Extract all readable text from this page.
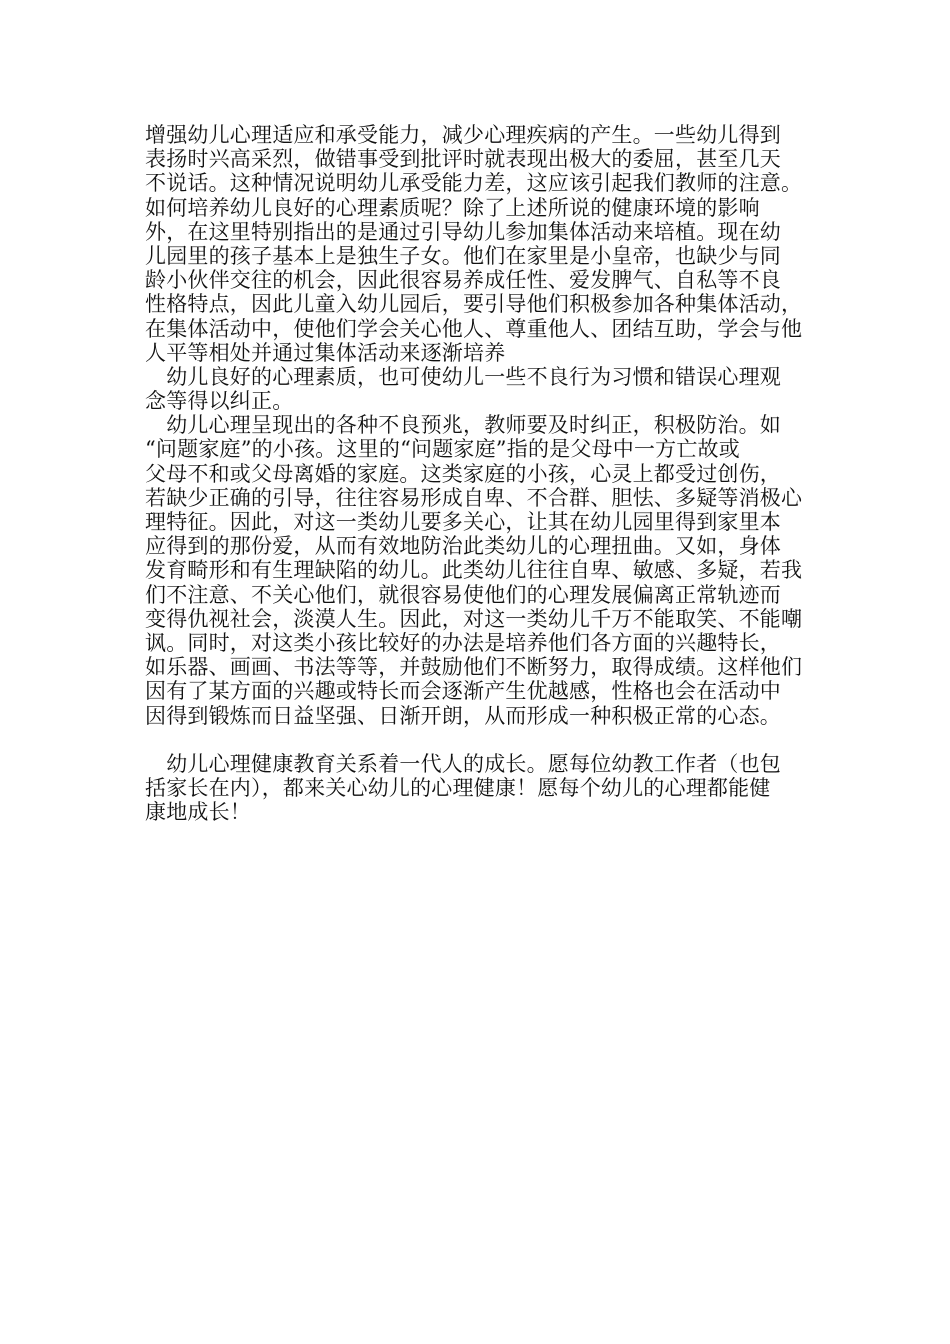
增强幼儿心理适应和承受能力，减少心理疾病的产生。一些幼儿得到
表扬时兴高采烈，做错事受到批评时就表现出极大的委屈，甚至几天
不说话。这种情况说明幼儿承受能力差，这应该引起我们教师的注意。
如何培养幼儿良好的心理素质呢？除了上述所说的健康环境的影响
外，在这里特别指出的是通过引导幼儿参加集体活动来培植。现在幼
儿园里的孩子基本上是独生子女。他们在家里是小皇帝，也缺少与同
龄小伙伴交往的机会，因此很容易养成任性、爱发脾气、自私等不良
性格特点，因此儿童入幼儿园后，要引导他们积极参加各种集体活动，
在集体活动中，使他们学会关心他人、尊重他人、团结互助，学会与他
人平等相处并通过集体活动来逐渐培养
　幼儿良好的心理素质，也可使幼儿一些不良行为习惯和错误心理观
念等得以纠正。
　幼儿心理呈现出的各种不良预兆，教师要及时纠正，积极防治。如
“问题家庭”的小孩。这里的“问题家庭”指的是父母中一方亡故或
父母不和或父母离婚的家庭。这类家庭的小孩，心灵上都受过创伤，
若缺少正确的引导，往往容易形成自卑、不合群、胆怯、多疑等消极心
理特征。因此，对这一类幼儿要多关心，让其在幼儿园里得到家里本
应得到的那份爱，从而有效地防治此类幼儿的心理扭曲。又如，身体
发育畸形和有生理缺陷的幼儿。此类幼儿往往自卑、敏感、多疑，若我
们不注意、不关心他们，就很容易使他们的心理发展偏离正常轨迹而
变得仇视社会，淡漠人生。因此，对这一类幼儿千万不能取笑、不能嘲
讽。同时，对这类小孩比较好的办法是培养他们各方面的兴趣特长，
如乐器、画画、书法等等，并鼓励他们不断努力，取得成绩。这样他们
因有了某方面的兴趣或特长而会逐渐产生优越感，性格也会在活动中
因得到锻炼而日益坚强、日渐开朗，从而形成一种积极正常的心态。
　幼儿心理健康教育关系着一代人的成长。愿每位幼教工作者（也包
括家长在内），都来关心幼儿的心理健康！愿每个幼儿的心理都能健
康地成长！
